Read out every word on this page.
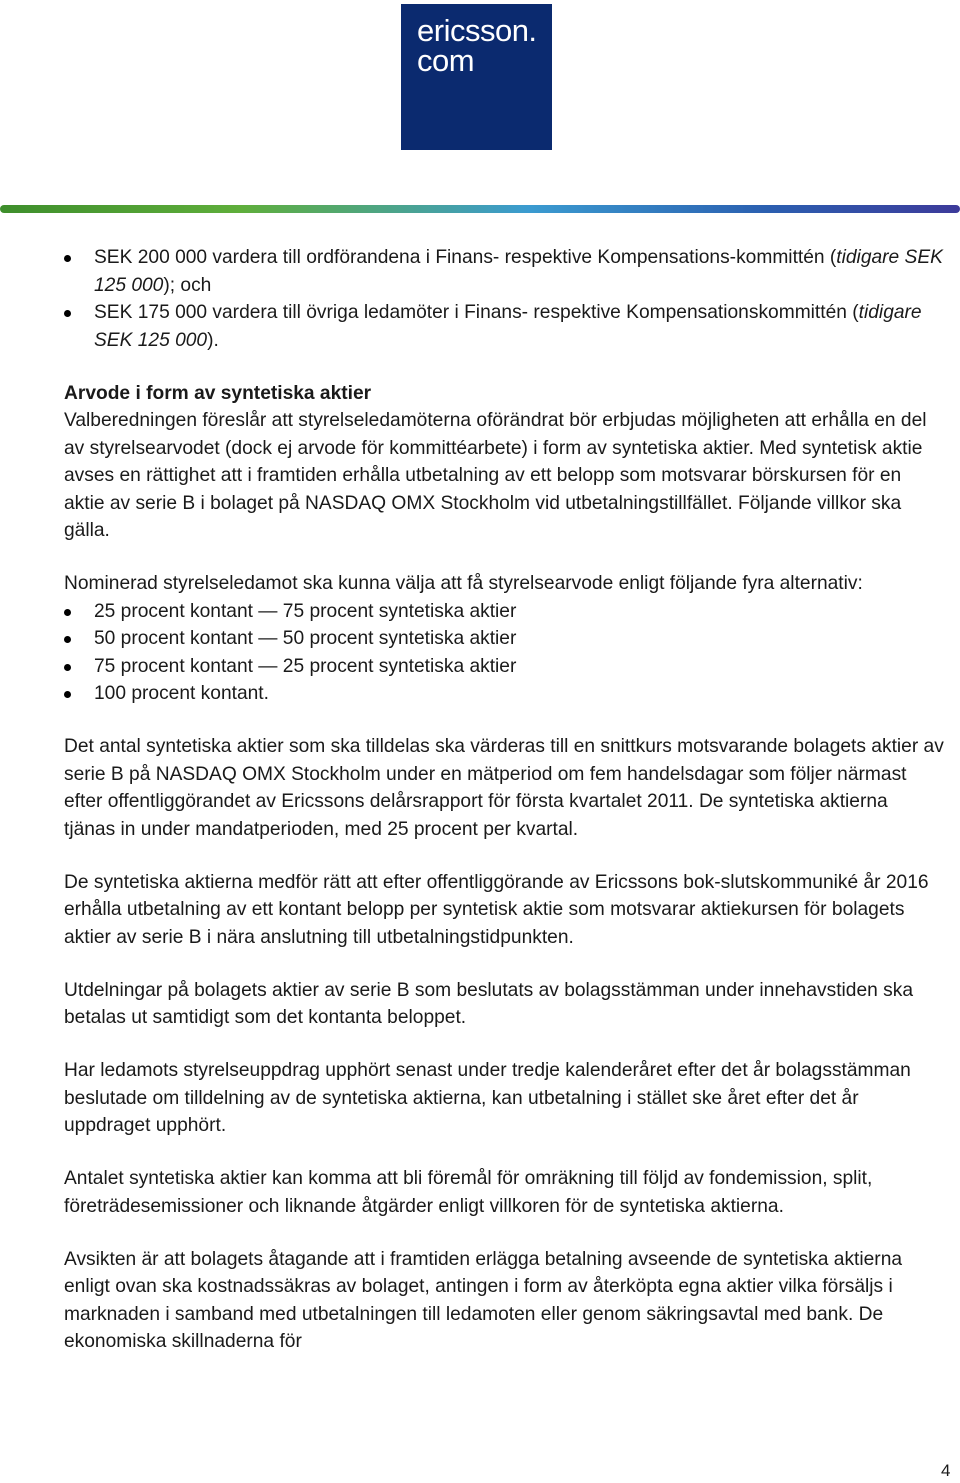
ericsson.
com
SEK 200 000 vardera till ordförandena i Finans- respektive Kompensations-kommittén (tidigare SEK 125 000); och
SEK 175 000 vardera till övriga ledamöter i Finans- respektive Kompensationskommittén (tidigare SEK 125 000).

Arvode i form av syntetiska aktier

Valberedningen föreslår att styrelseledamöterna oförändrat bör erbjudas möjligheten att erhålla en del av styrelsearvodet (dock ej arvode för kommittéarbete) i form av syntetiska aktier. Med syntetisk aktie avses en rättighet att i framtiden erhålla utbetalning av ett belopp som motsvarar börskursen för en aktie av serie B i bolaget på NASDAQ OMX Stockholm vid utbetalningstillfället. Följande villkor ska gälla.

Nominerad styrelseledamot ska kunna välja att få styrelsearvode enligt följande fyra alternativ:

25 procent kontant — 75 procent syntetiska aktier
50 procent kontant — 50 procent syntetiska aktier
75 procent kontant — 25 procent syntetiska aktier
100 procent kontant.

Det antal syntetiska aktier som ska tilldelas ska värderas till en snittkurs motsvarande bolagets aktier av serie B på NASDAQ OMX Stockholm under en mätperiod om fem handelsdagar som följer närmast efter offentliggörandet av Ericssons delårsrapport för första kvartalet 2011. De syntetiska aktierna tjänas in under mandatperioden, med 25 procent per kvartal.

De syntetiska aktierna medför rätt att efter offentliggörande av Ericssons bok-slutskommuniké år 2016 erhålla utbetalning av ett kontant belopp per syntetisk aktie som motsvarar aktiekursen för bolagets aktier av serie B i nära anslutning till utbetalningstidpunkten.

Utdelningar på bolagets aktier av serie B som beslutats av bolagsstämman under innehavstiden ska betalas ut samtidigt som det kontanta beloppet.

Har ledamots styrelseuppdrag upphört senast under tredje kalenderåret efter det år bolagsstämman beslutade om tilldelning av de syntetiska aktierna, kan utbetalning i stället ske året efter det år uppdraget upphört.

Antalet syntetiska aktier kan komma att bli föremål för omräkning till följd av fondemission, split, företrädesemissioner och liknande åtgärder enligt villkoren för de syntetiska aktierna.

Avsikten är att bolagets åtagande att i framtiden erlägga betalning avseende de syntetiska aktierna enligt ovan ska kostnadssäkras av bolaget, antingen i form av återköpta egna aktier vilka försäljs i marknaden i samband med utbetalningen till ledamoten eller genom säkringsavtal med bank. De ekonomiska skillnaderna för

4
